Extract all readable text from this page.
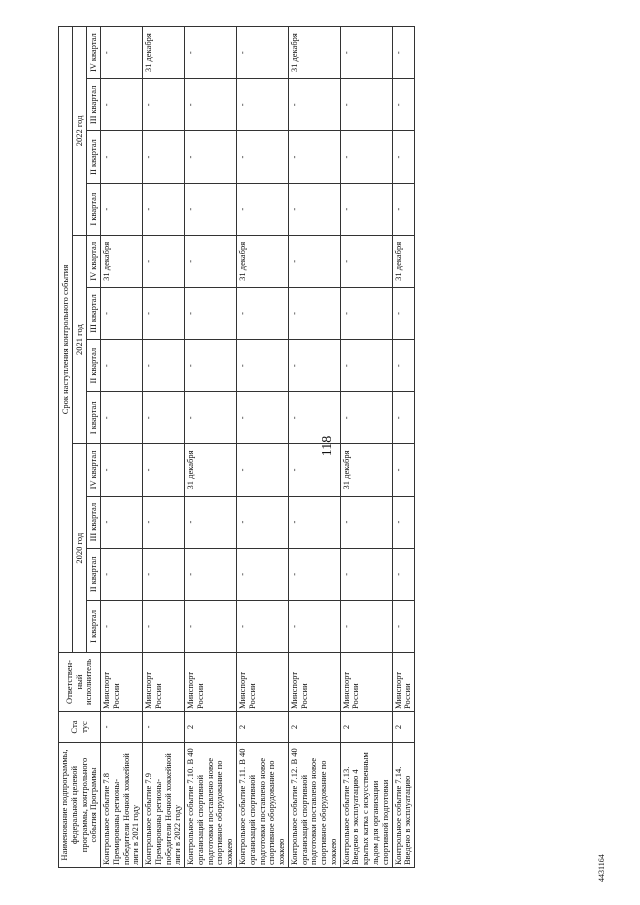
118
4431164
Наименование подпрограммы, федеральной целевой программы, контрольного события Программы	Ста тус	Ответствен-ный исполнитель	Срок наступления контрольного события											
			2020 год				2021 год				2022 год			
			I квартал	II квартал	III квартал	IV квартал	I квартал	II квартал	III квартал	IV квартал	I квартал	II квартал	III квартал	IV квартал
Контрольное событие 7.8 Премированы регионы-победители Ночной хоккейной лиги в 2021 году	-	Минспорт России	-	-	-	-	-	-	-	31 декабря	-	-	-	-
Контрольное событие 7.9 Премированы регионы-победители Ночной хоккейной лиги в 2022 году	-	Минспорт России	-	-	-	-	-	-	-	-	-	-	-	31 декабря
Контрольное событие 7.10. В 40 организаций спортивной подготовки поставлено новое спортивное оборудование по хоккею	2	Минспорт России	-	-	-	31 декабря	-	-	-	-	-	-	-	-
Контрольное событие 7.11. В 40 организаций спортивной подготовки поставлено новое спортивное оборудование по хоккею	2	Минспорт России	-	-	-	-	-	-	-	31 декабря	-	-	-	-
Контрольное событие 7.12. В 40 организаций спортивной подготовки поставлено новое спортивное оборудование по хоккею	2	Минспорт России	-	-	-	-	-	-	-	-	-	-	-	31 декабря
Контрольное событие 7.13. Введено в эксплуатацию 4 крытых катка с искусственным льдом для организации спортивной подготовки	2	Минспорт России	-	-	-	31 декабря	-	-	-	-	-	-	-	-
Контрольное событие 7.14. Введено в эксплуатацию	2	Минспорт России	-	-	-	-	-	-	-	31 декабря	-	-	-	-
